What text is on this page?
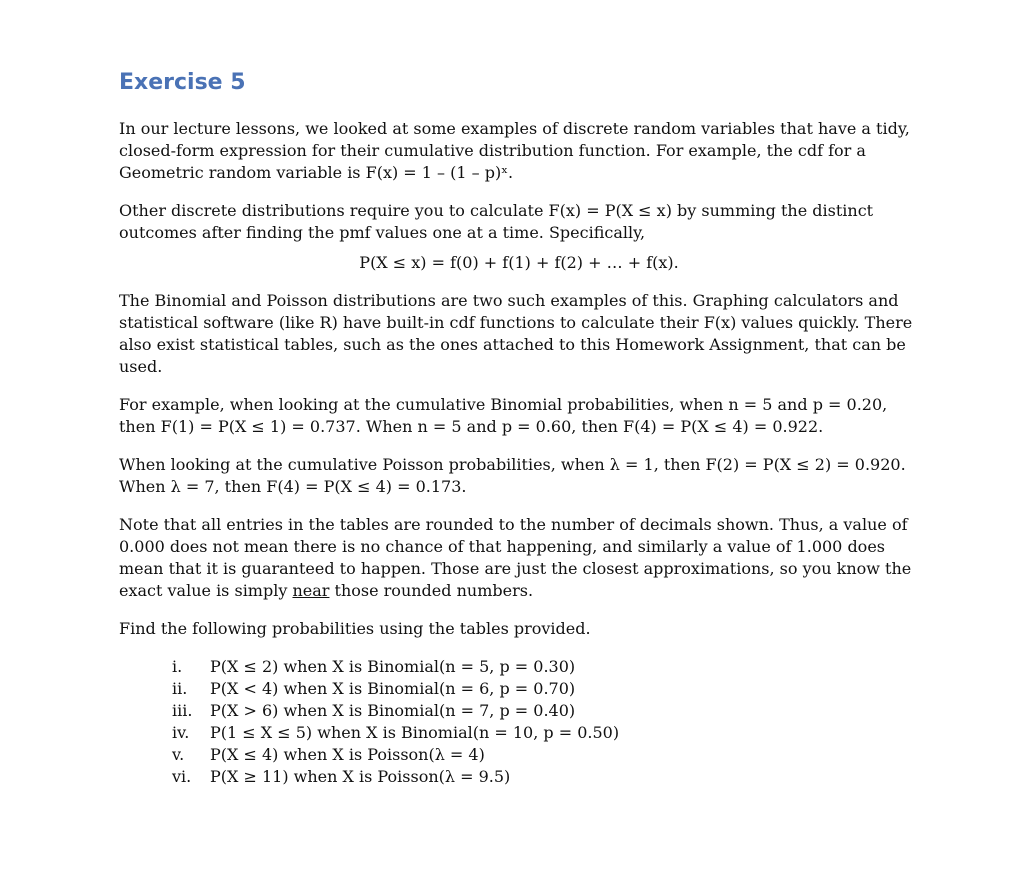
Exercise 5

In our lecture lessons, we looked at some examples of discrete random variables that have a tidy, closed-form expression for their cumulative distribution function. For example, the cdf for a Geometric random variable is F(x) = 1 – (1 – p)ˣ.

Other discrete distributions require you to calculate F(x) = P(X ≤ x) by summing the distinct outcomes after finding the pmf values one at a time. Specifically,

P(X ≤ x) = f(0) + f(1) + f(2) + … + f(x).

The Binomial and Poisson distributions are two such examples of this. Graphing calculators and statistical software (like R) have built-in cdf functions to calculate their F(x) values quickly. There also exist statistical tables, such as the ones attached to this Homework Assignment, that can be used.

For example, when looking at the cumulative Binomial probabilities, when n = 5 and p = 0.20, then F(1) = P(X ≤ 1) = 0.737. When n = 5 and p = 0.60, then F(4) = P(X ≤ 4) = 0.922.

When looking at the cumulative Poisson probabilities, when λ = 1, then F(2) = P(X ≤ 2) = 0.920. When λ = 7, then F(4) = P(X ≤ 4) = 0.173.

Note that all entries in the tables are rounded to the number of decimals shown. Thus, a value of 0.000 does not mean there is no chance of that happening, and similarly a value of 1.000 does mean that it is guaranteed to happen. Those are just the closest approximations, so you know the exact value is simply near those rounded numbers.

Find the following probabilities using the tables provided.

i. P(X ≤ 2) when X is Binomial(n = 5, p = 0.30)
ii. P(X < 4) when X is Binomial(n = 6, p = 0.70)
iii. P(X > 6) when X is Binomial(n = 7, p = 0.40)
iv. P(1 ≤ X ≤ 5) when X is Binomial(n = 10, p = 0.50)
v. P(X ≤ 4) when X is Poisson(λ = 4)
vi. P(X ≥ 11) when X is Poisson(λ = 9.5)
